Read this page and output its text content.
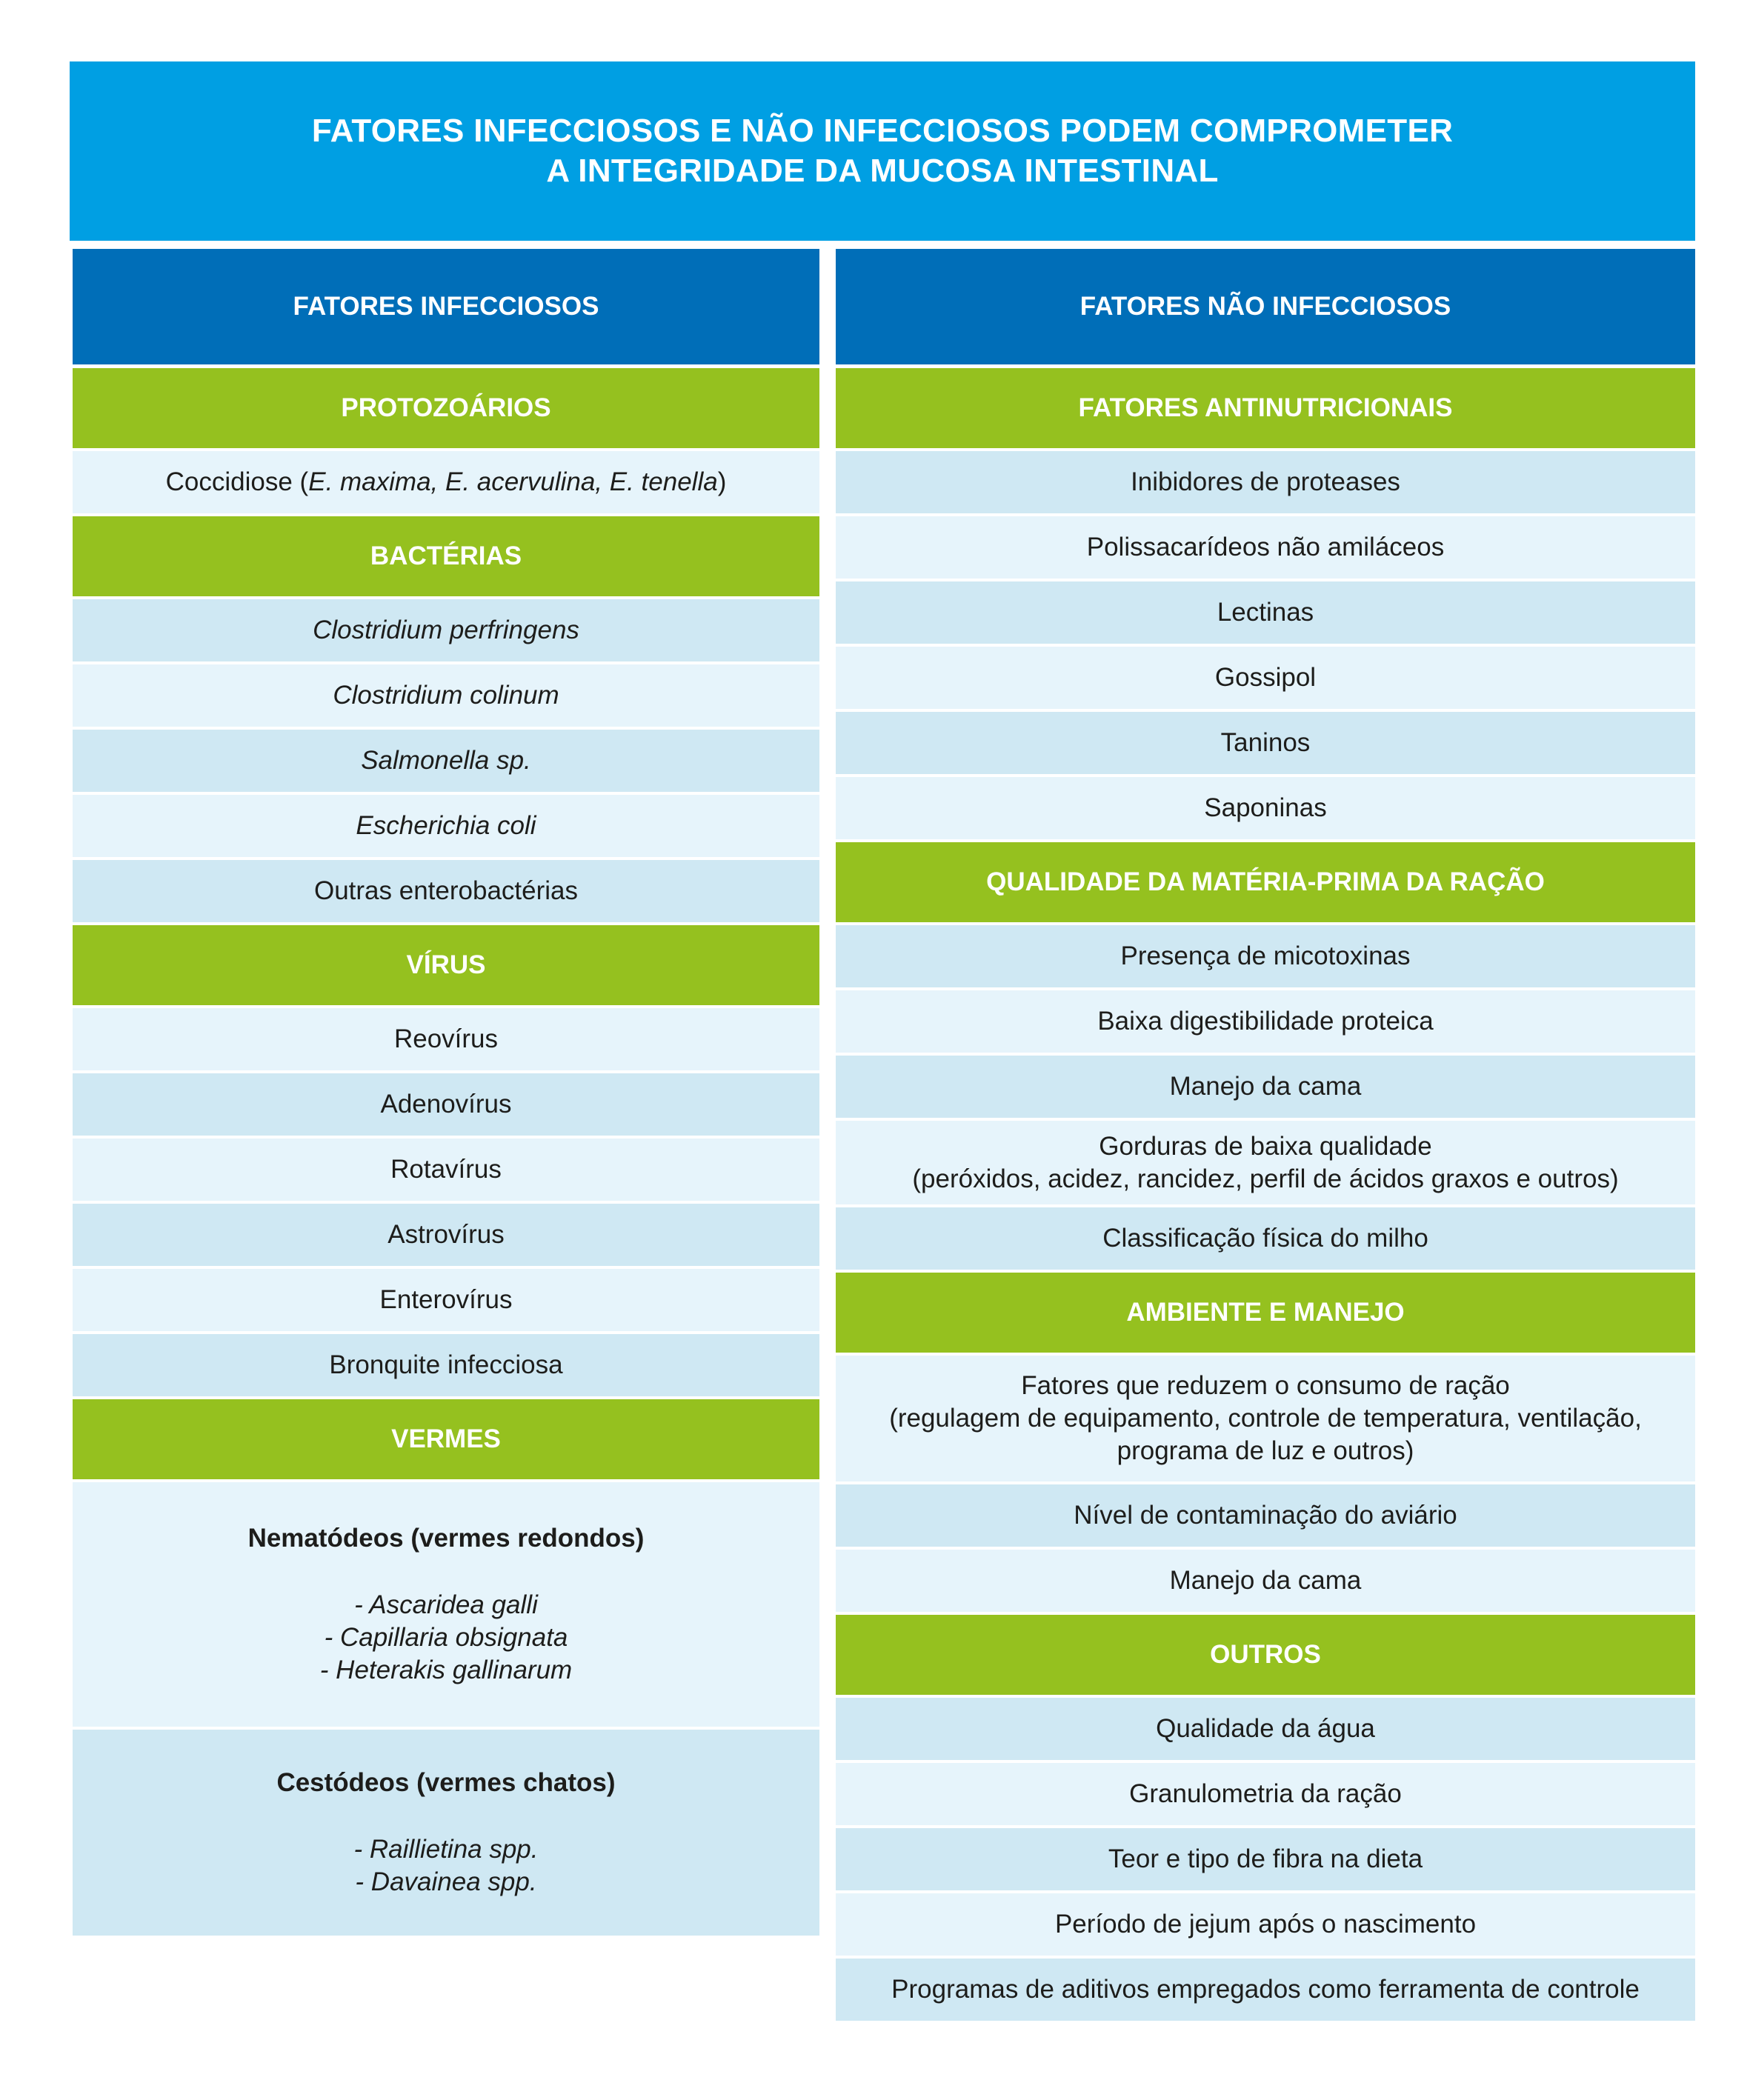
FATORES INFECCIOSOS E NÃO INFECCIOSOS PODEM COMPROMETER
A INTEGRIDADE DA MUCOSA INTESTINAL
FATORES INFECCIOSOS
PROTOZOÁRIOS
Coccidiose (E. maxima, E. acervulina, E. tenella)
BACTÉRIAS
Clostridium perfringens
Clostridium colinum
Salmonella sp.
Escherichia coli
Outras enterobactérias
VÍRUS
Reovírus
Adenovírus
Rotavírus
Astrovírus
Enterovírus
Bronquite infecciosa
VERMES
Nematódeos (vermes redondos)
- Ascaridea galli
- Capillaria obsignata
- Heterakis gallinarum
Cestódeos (vermes chatos)
- Raillietina spp.
- Davainea spp.
FATORES NÃO INFECCIOSOS
FATORES ANTINUTRICIONAIS
Inibidores de proteases
Polissacarídeos não amiláceos
Lectinas
Gossipol
Taninos
Saponinas
QUALIDADE DA MATÉRIA-PRIMA DA RAÇÃO
Presença de micotoxinas
Baixa digestibilidade proteica
Manejo da cama
Gorduras de baixa qualidade
(peróxidos, acidez, rancidez, perfil de ácidos graxos e outros)
Classificação física do milho
AMBIENTE E MANEJO
Fatores que reduzem o consumo de ração
(regulagem de equipamento, controle de temperatura, ventilação,
programa de luz e outros)
Nível de contaminação do aviário
Manejo da cama
OUTROS
Qualidade da água
Granulometria da ração
Teor e tipo de fibra na dieta
Período de jejum após o nascimento
Programas de aditivos empregados como ferramenta de controle
